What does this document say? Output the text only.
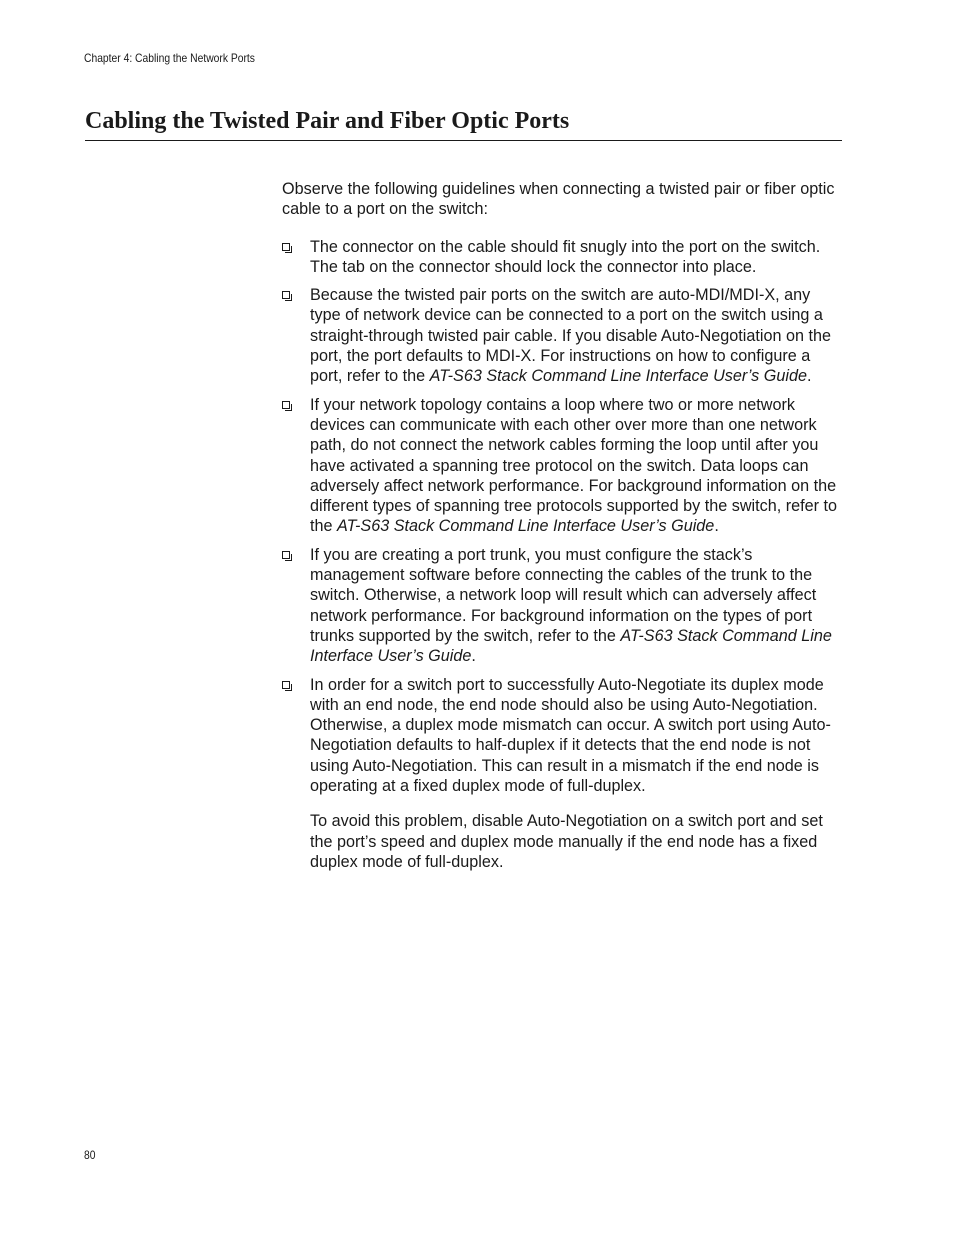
Chapter 4: Cabling the Network Ports
Cabling the Twisted Pair and Fiber Optic Ports

Observe the following guidelines when connecting a twisted pair or fiber optic cable to a port on the switch:

The connector on the cable should fit snugly into the port on the switch. The tab on the connector should lock the connector into place.

Because the twisted pair ports on the switch are auto-MDI/MDI-X, any type of network device can be connected to a port on the switch using a straight-through twisted pair cable. If you disable Auto-Negotiation on the port, the port defaults to MDI-X. For instructions on how to configure a port, refer to the AT-S63 Stack Command Line Interface User’s Guide.

If your network topology contains a loop where two or more network devices can communicate with each other over more than one network path, do not connect the network cables forming the loop until after you have activated a spanning tree protocol on the switch. Data loops can adversely affect network performance. For background information on the different types of spanning tree protocols supported by the switch, refer to the AT-S63 Stack Command Line Interface User’s Guide.

If you are creating a port trunk, you must configure the stack’s management software before connecting the cables of the trunk to the switch. Otherwise, a network loop will result which can adversely affect network performance. For background information on the types of port trunks supported by the switch, refer to the AT-S63 Stack Command Line Interface User’s Guide.

In order for a switch port to successfully Auto-Negotiate its duplex mode with an end node, the end node should also be using Auto-Negotiation. Otherwise, a duplex mode mismatch can occur. A switch port using Auto-Negotiation defaults to half-duplex if it detects that the end node is not using Auto-Negotiation. This can result in a mismatch if the end node is operating at a fixed duplex mode of full-duplex.

To avoid this problem, disable Auto-Negotiation on a switch port and set the port’s speed and duplex mode manually if the end node has a fixed duplex mode of full-duplex.

80
